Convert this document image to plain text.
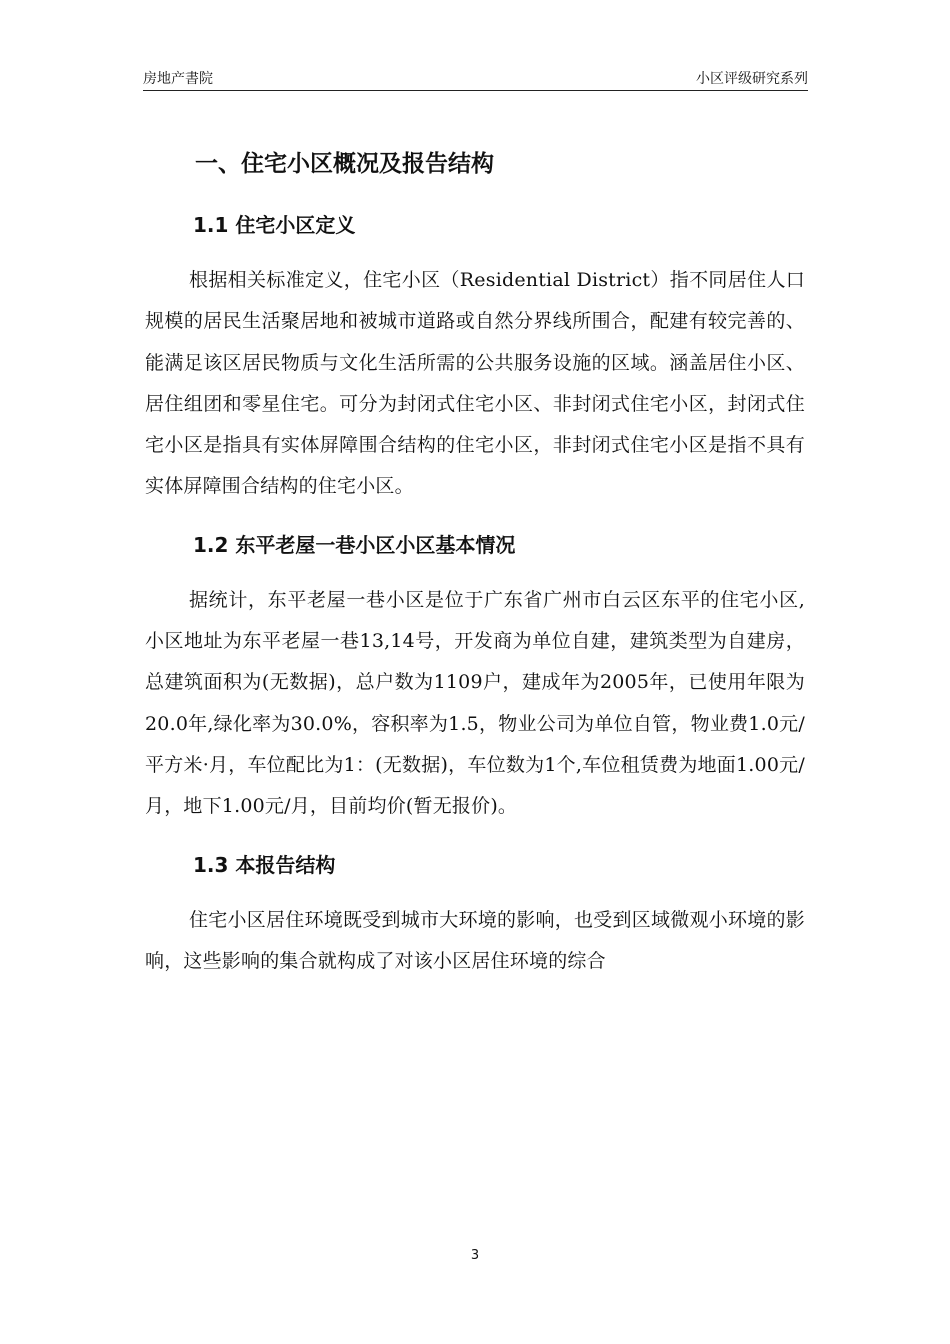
房地产書院	小区评级研究系列
一、住宅小区概况及报告结构
1.1 住宅小区定义

根据相关标准定义，住宅小区（Residential District）指不同居住人口规模的居民生活聚居地和被城市道路或自然分界线所围合，配建有较完善的、能满足该区居民物质与文化生活所需的公共服务设施的区域。涵盖居住小区、居住组团和零星住宅。可分为封闭式住宅小区、非封闭式住宅小区，封闭式住宅小区是指具有实体屏障围合结构的住宅小区，非封闭式住宅小区是指不具有实体屏障围合结构的住宅小区。

1.2 东平老屋一巷小区小区基本情况

据统计，东平老屋一巷小区是位于广东省广州市白云区东平的住宅小区,小区地址为东平老屋一巷13,14号，开发商为单位自建，建筑类型为自建房，总建筑面积为(无数据)，总户数为1109户，建成年为2005年，已使用年限为20.0年,绿化率为30.0%，容积率为1.5，物业公司为单位自管，物业费1.0元/平方米·月，车位配比为1：(无数据)，车位数为1个,车位租赁费为地面1.00元/月，地下1.00元/月，目前均价(暂无报价)。

1.3 本报告结构

住宅小区居住环境既受到城市大环境的影响，也受到区域微观小环境的影响，这些影响的集合就构成了对该小区居住环境的综合

3
